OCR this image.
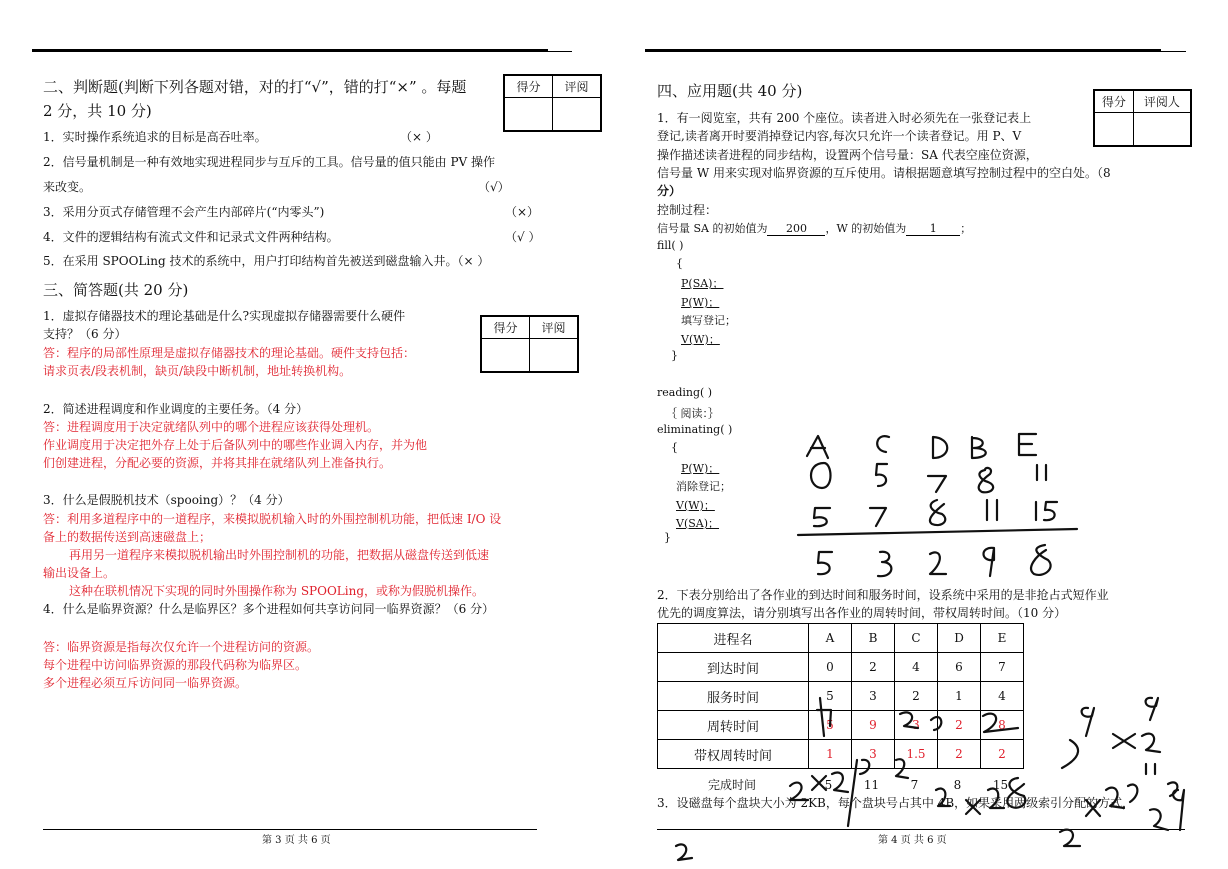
二、判断题(判断下列各题对错，对的打“√”，错的打“×” 。每题
2 分，共 10 分)
得分	评阅

1．实时操作系统追求的目标是高吞吐率。	（× ）
2．信号量机制是一种有效地实现进程同步与互斥的工具。信号量的值只能由 PV 操作
来改变。	（√）
3．采用分页式存储管理不会产生内部碎片(“内零头”)	（×）
4．文件的逻辑结构有流式文件和记录式文件两种结构。	（√ ）
5．在采用 SPOOLing 技术的系统中，用户打印结构首先被送到磁盘输入井。（× ）
三、简答题(共 20 分)
得分	评阅

1．虚拟存储器技术的理论基础是什么?实现虚拟存储器需要什么硬件
支持？（6 分）
答：程序的局部性原理是虚拟存储器技术的理论基础。硬件支持包括：
请求页表/段表机制，缺页/缺段中断机制，地址转换机构。
2．简述进程调度和作业调度的主要任务。（4 分）
答：进程调度用于决定就绪队列中的哪个进程应该获得处理机。
作业调度用于决定把外存上处于后备队列中的哪些作业调入内存，并为他
们创建进程，分配必要的资源，并将其排在就绪队列上准备执行。
3．什么是假脱机技术（spooing）？（4 分）
答：利用多道程序中的一道程序，来模拟脱机输入时的外围控制机功能，把低速 I/O 设
备上的数据传送到高速磁盘上；
再用另一道程序来模拟脱机输出时外围控制机的功能，把数据从磁盘传送到低速
输出设备上。
这种在联机情况下实现的同时外围操作称为 SPOOLing，或称为假脱机操作。
4．什么是临界资源？什么是临界区？多个进程如何共享访问同一临界资源？（6 分）
答：临界资源是指每次仅允许一个进程访问的资源。
每个进程中访问临界资源的那段代码称为临界区。
多个进程必须互斥访问同一临界资源。
第 3 页 共 6 页
四、应用题(共 40 分)
得分	评阅人

1．有一阅览室，共有 200 个座位。读者进入时必须先在一张登记表上
登记,读者离开时要消掉登记内容,每次只允许一个读者登记。用 P、V
操作描述读者进程的同步结构，设置两个信号量：SA 代表空座位资源，
信号量 W 用来实现对临界资源的互斥使用。请根据题意填写控制过程中的空白处。（8
分）
控制过程：
信号量 SA 的初始值为 200 ，W 的初始值为 1 ；
fill( )
{
P(SA)；
P(W)；
填写登记；
V(W)；
}
reading( )
｛ 阅读：｝
eliminating( )
{
P(W)；
消除登记；
V(W)；
V(SA)；
}
2．下表分别给出了各作业的到达时间和服务时间，设系统中采用的是非抢占式短作业
优先的调度算法，请分别填写出各作业的周转时间，带权周转时间。（10 分）
进程名	A	B	C	D	E
到达时间	0	2	4	6	7
服务时间	5	3	2	1	4
周转时间	5	9	3	2	8
带权周转时间	1	3	1.5	2	2
完成时间	5	11	7	8	15
3．设磁盘每个盘块大小为 2KB，每个盘块号占其中 4B，如果采用两级索引分配的方式，
第 4 页 共 6 页
